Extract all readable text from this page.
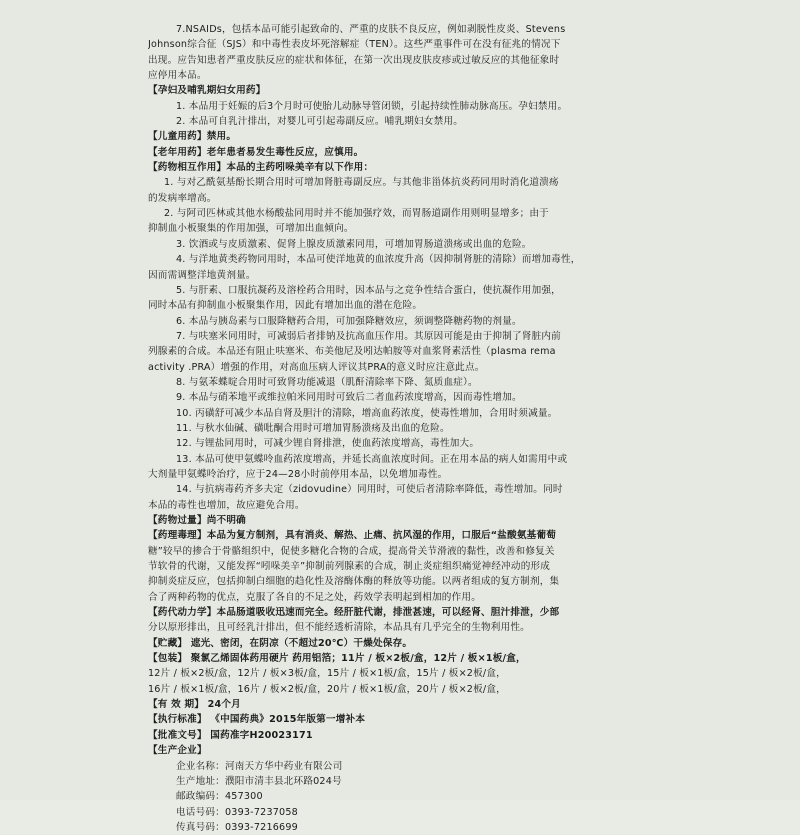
7.NSAIDs，包括本品可能引起致命的、严重的皮肤不良反应，例如剥脱性皮炎、Stevens
Johnson综合征（SJS）和中毒性表皮坏死溶解症（TEN）。这些严重事件可在没有征兆的情况下
出现。应告知患者严重皮肤反应的症状和体征，在第一次出现皮肤皮疹或过敏反应的其他征象时
应停用本品。
【孕妇及哺乳期妇女用药】
1. 本品用于妊娠的后3个月时可使胎儿动脉导管闭锁，引起持续性肺动脉高压。孕妇禁用。
2. 本品可自乳汁排出，对婴儿可引起毒副反应。哺乳期妇女禁用。
【儿童用药】禁用。
【老年用药】老年患者易发生毒性反应，应慎用。
【药物相互作用】本品的主药吲哚美辛有以下作用：
1. 与对乙酰氨基酚长期合用时可增加肾脏毒副反应。与其他非甾体抗炎药同用时消化道溃疡
的发病率增高。
2. 与阿司匹林或其他水杨酸盐同用时并不能加强疗效，而胃肠道副作用则明显增多；由于
抑制血小板聚集的作用加强，可增加出血倾向。
3. 饮酒或与皮质激素、促肾上腺皮质激素同用，可增加胃肠道溃疡或出血的危险。
4. 与洋地黄类药物同用时，本品可使洋地黄的血浓度升高（因抑制肾脏的清除）而增加毒性，
因而需调整洋地黄剂量。
5. 与肝素、口服抗凝药及溶栓药合用时，因本品与之竞争性结合蛋白，使抗凝作用加强，
同时本品有抑制血小板聚集作用，因此有增加出血的潜在危险。
6. 本品与胰岛素与口服降糖药合用，可加强降糖效应，须调整降糖药物的剂量。
7. 与呋塞米同用时，可减弱后者排钠及抗高血压作用。其原因可能是由于抑制了肾脏内前
列腺素的合成。本品还有阻止呋塞米、布美他尼及吲达帕胺等对血浆肾素活性（plasma rema
activity .PRA）增强的作用，对高血压病人评议其PRA的意义时应注意此点。
8. 与氨苯蝶啶合用时可致肾功能减退（肌酐清除率下降、氮质血症）。
9. 本品与硝苯地平或维拉帕米同用时可致后二者血药浓度增高，因而毒性增加。
10. 丙磺舒可减少本品自肾及胆汁的清除，增高血药浓度，使毒性增加，合用时须减量。
11. 与秋水仙碱、磺吡酮合用时可增加胃肠溃疡及出血的危险。
12. 与锂盐同用时，可减少锂自肾排泄，使血药浓度增高，毒性加大。
13. 本品可使甲氨蝶呤血药浓度增高，并延长高血浓度时间。正在用本品的病人如需用中或
大剂量甲氨蝶呤治疗，应于24—28小时前停用本品，以免增加毒性。
14. 与抗病毒药齐多夫定（zidovudine）同用时，可使后者清除率降低，毒性增加。同时
本品的毒性也增加，故应避免合用。
【药物过量】尚不明确
【药理毒理】本品为复方制剂，具有消炎、解热、止痛、抗风湿的作用，口服后“盐酸氨基葡萄
糖”较早的掺合于骨骼组织中，促使多糖化合物的合成，提高骨关节滑液的黏性，改善和修复关
节软骨的代谢，又能发挥“吲哚美辛”抑制前列腺素的合成，制止炎症组织痛觉神经冲动的形成
抑制炎症反应，包括抑制白细胞的趋化性及溶酶体酶的释放等功能。以两者组成的复方制剂，集
合了两种药物的优点，克服了各自的不足之处，药效学表明起到相加的作用。
【药代动力学】本品肠道吸收迅速而完全。经肝脏代谢，排泄甚速，可以经肾、胆汁排泄，少部
分以原形排出，且可经乳汁排出，但不能经透析清除，本品具有几乎完全的生物利用性。
【贮藏】 遮光、密闭，在阴凉（不超过20℃）干燥处保存。
【包装】 聚氯乙烯固体药用硬片 药用铝箔；11片 / 板×2板/盒，12片 / 板×1板/盒，
12片 / 板×2板/盒，12片 / 板×3板/盒，15片 / 板×1板/盒，15片 / 板×2板/盒，
16片 / 板×1板/盒，16片 / 板×2板/盒，20片 / 板×1板/盒，20片 / 板×2板/盒，
【有 效 期】 24个月
【执行标准】 《中国药典》2015年版第一增补本
【批准文号】 国药准字H20023171
【生产企业】
企业名称：河南天方华中药业有限公司
生产地址：濮阳市清丰县北环路024号
邮政编码：457300
电话号码：0393-7237058
传真号码：0393-7216699
